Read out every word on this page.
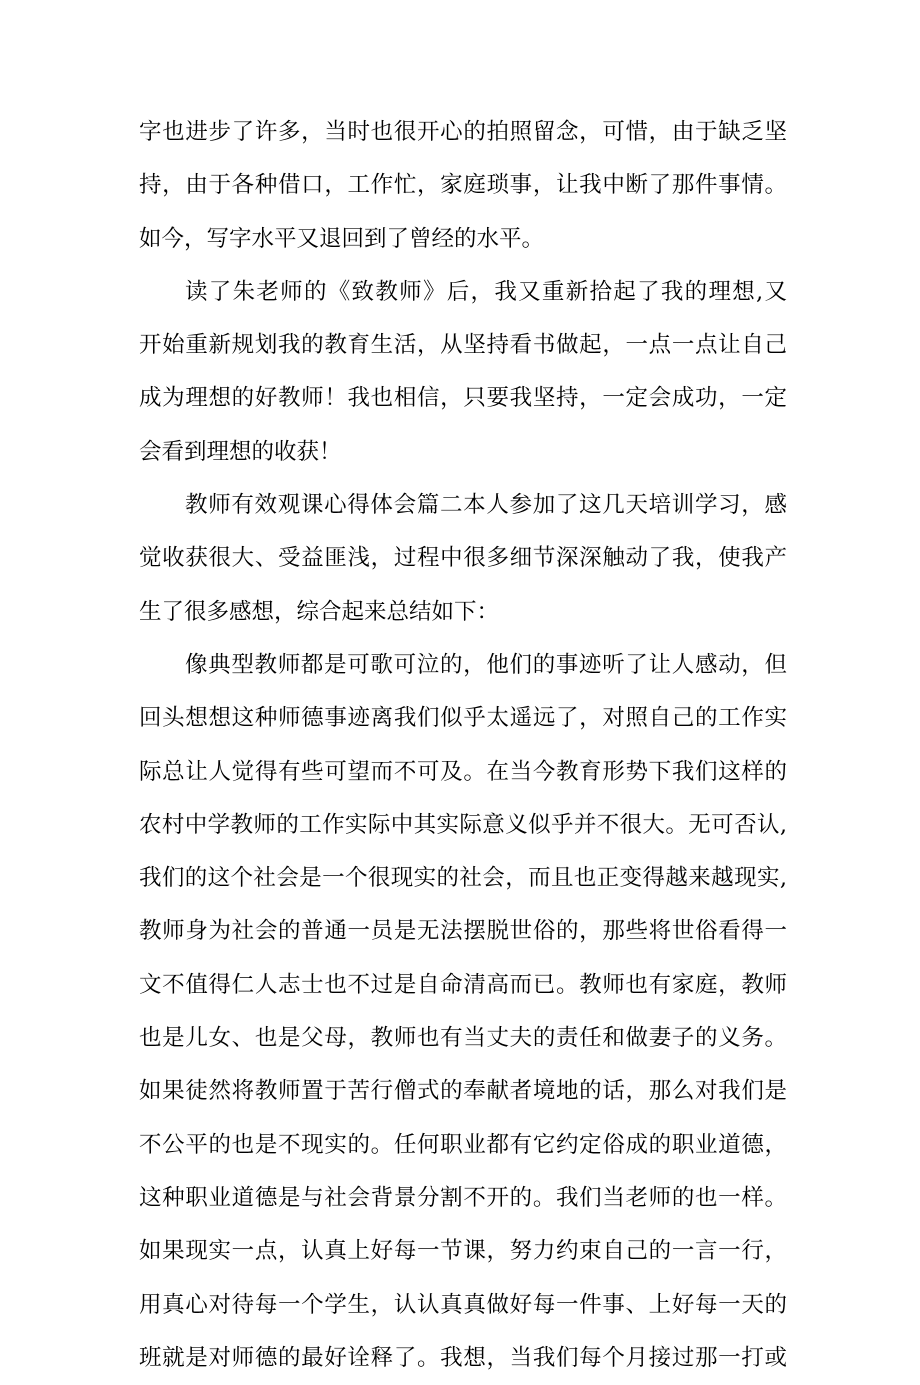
字也进步了许多，当时也很开心的拍照留念，可惜，由于缺乏坚
持，由于各种借口，工作忙，家庭琐事，让我中断了那件事情。
如今，写字水平又退回到了曾经的水平。
读了朱老师的《致教师》后，我又重新拾起了我的理想,又
开始重新规划我的教育生活，从坚持看书做起，一点一点让自己
成为理想的好教师！我也相信，只要我坚持，一定会成功，一定
会看到理想的收获！
教师有效观课心得体会篇二本人参加了这几天培训学习，感
觉收获很大、受益匪浅，过程中很多细节深深触动了我，使我产
生了很多感想，综合起来总结如下：
像典型教师都是可歌可泣的，他们的事迹听了让人感动，但
回头想想这种师德事迹离我们似乎太遥远了，对照自己的工作实
际总让人觉得有些可望而不可及。在当今教育形势下我们这样的
农村中学教师的工作实际中其实际意义似乎并不很大。无可否认,
我们的这个社会是一个很现实的社会，而且也正变得越来越现实,
教师身为社会的普通一员是无法摆脱世俗的，那些将世俗看得一
文不值得仁人志士也不过是自命清高而已。教师也有家庭，教师
也是儿女、也是父母，教师也有当丈夫的责任和做妻子的义务。
如果徒然将教师置于苦行僧式的奉献者境地的话，那么对我们是
不公平的也是不现实的。任何职业都有它约定俗成的职业道德，
这种职业道德是与社会背景分割不开的。我们当老师的也一样。
如果现实一点，认真上好每一节课，努力约束自己的一言一行，
用真心对待每一个学生，认认真真做好每一件事、上好每一天的
班就是对师德的最好诠释了。我想，当我们每个月接过那一打或
